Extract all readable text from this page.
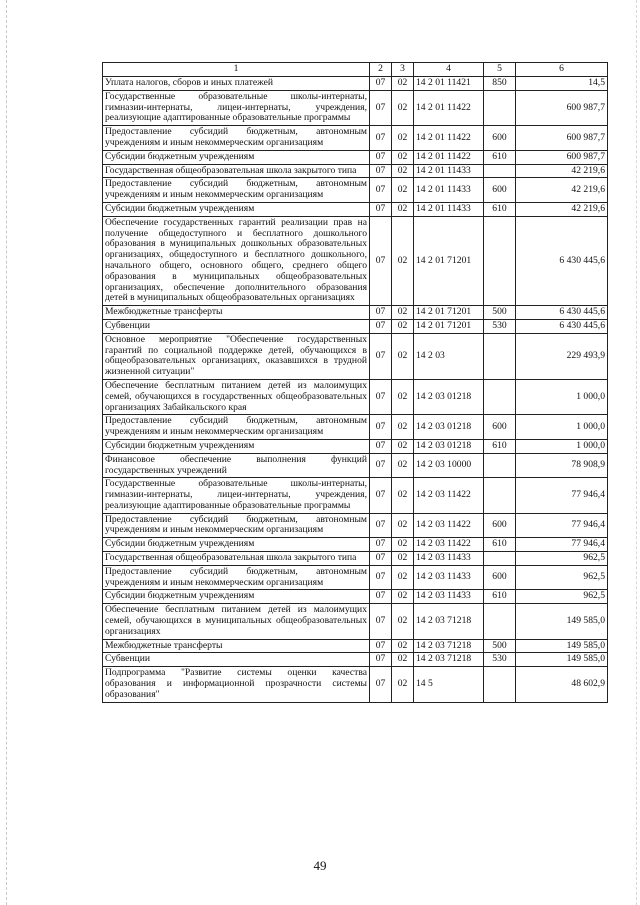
1	2	3	4	5	6
Уплата налогов, сборов и иных платежей	07	02	14 2 01 11421	850	14,5
Государственные образовательные школы-интернаты, гимназии-интернаты, лицеи-интернаты, учреждения, реализующие адаптированные образовательные программы	07	02	14 2 01 11422		600 987,7
Предоставление субсидий бюджетным, автономным учреждениям и иным некоммерческим организациям	07	02	14 2 01 11422	600	600 987,7
Субсидии бюджетным учреждениям	07	02	14 2 01 11422	610	600 987,7
Государственная общеобразовательная школа закрытого типа	07	02	14 2 01 11433		42 219,6
Предоставление субсидий бюджетным, автономным учреждениям и иным некоммерческим организациям	07	02	14 2 01 11433	600	42 219,6
Субсидии бюджетным учреждениям	07	02	14 2 01 11433	610	42 219,6
Обеспечение государственных гарантий реализации прав на получение общедоступного и бесплатного дошкольного образования в муниципальных дошкольных образовательных организациях, общедоступного и бесплатного дошкольного, начального общего, основного общего, среднего общего образования в муниципальных общеобразовательных организациях, обеспечение дополнительного образования детей в муниципальных общеобразовательных организациях	07	02	14 2 01 71201		6 430 445,6
Межбюджетные трансферты	07	02	14 2 01 71201	500	6 430 445,6
Субвенции	07	02	14 2 01 71201	530	6 430 445,6
Основное мероприятие "Обеспечение государственных гарантий по социальной поддержке детей, обучающихся в общеобразовательных организациях, оказавшихся в трудной жизненной ситуации"	07	02	14 2 03		229 493,9
Обеспечение бесплатным питанием детей из малоимущих семей, обучающихся в государственных общеобразовательных организациях Забайкальского края	07	02	14 2 03 01218		1 000,0
Предоставление субсидий бюджетным, автономным учреждениям и иным некоммерческим организациям	07	02	14 2 03 01218	600	1 000,0
Субсидии бюджетным учреждениям	07	02	14 2 03 01218	610	1 000,0
Финансовое обеспечение выполнения функций государственных учреждений	07	02	14 2 03 10000		78 908,9
Государственные образовательные школы-интернаты, гимназии-интернаты, лицеи-интернаты, учреждения, реализующие адаптированные образовательные программы	07	02	14 2 03 11422		77 946,4
Предоставление субсидий бюджетным, автономным учреждениям и иным некоммерческим организациям	07	02	14 2 03 11422	600	77 946,4
Субсидии бюджетным учреждениям	07	02	14 2 03 11422	610	77 946,4
Государственная общеобразовательная школа закрытого типа	07	02	14 2 03 11433		962,5
Предоставление субсидий бюджетным, автономным учреждениям и иным некоммерческим организациям	07	02	14 2 03 11433	600	962,5
Субсидии бюджетным учреждениям	07	02	14 2 03 11433	610	962,5
Обеспечение бесплатным питанием детей из малоимущих семей, обучающихся в муниципальных общеобразовательных организациях	07	02	14 2 03 71218		149 585,0
Межбюджетные трансферты	07	02	14 2 03 71218	500	149 585,0
Субвенции	07	02	14 2 03 71218	530	149 585,0
Подпрограмма "Развитие системы оценки качества образования и информационной прозрачности системы образования"	07	02	14 5		48 602,9
49
